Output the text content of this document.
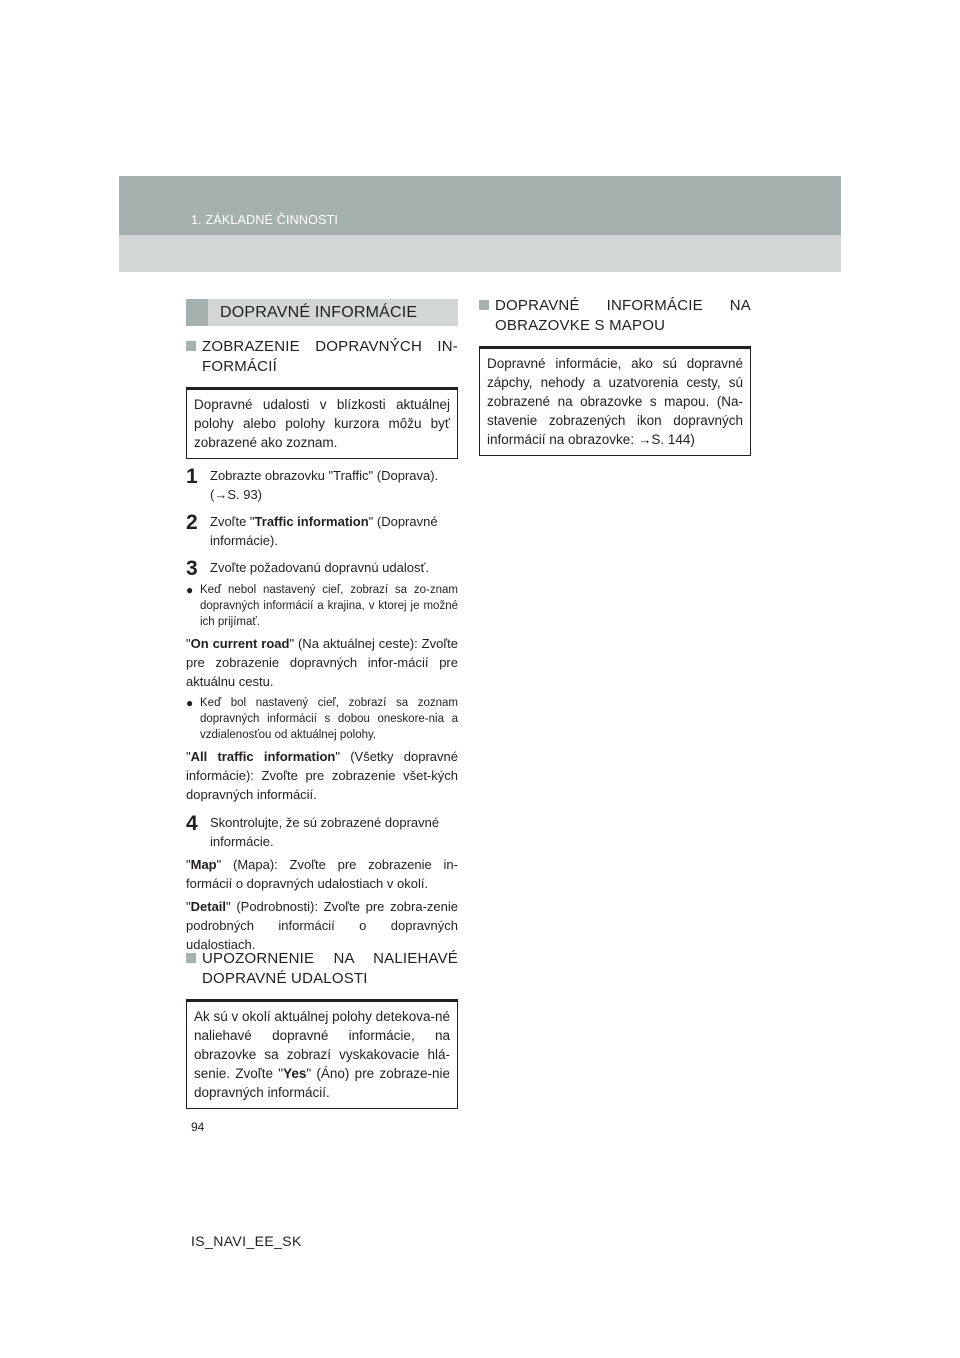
1. ZÁKLADNÉ ČINNOSTI
DOPRAVNÉ INFORMÁCIE
ZOBRAZENIE DOPRAVNÝCH IN-FORMÁCIÍ
Dopravné udalosti v blízkosti aktuálnej polohy alebo polohy kurzora môžu byť zobrazené ako zoznam.
1 Zobrazte obrazovku "Traffic" (Doprava). (→S. 93)
2 Zvoľte "Traffic information" (Dopravné informácie).
3 Zvoľte požadovanú dopravnú udalosť.
● Keď nebol nastavený cieľ, zobrazí sa zo-znam dopravných informácií a krajina, v ktorej je možné ich prijímať.
"On current road" (Na aktuálnej ceste): Zvoľte pre zobrazenie dopravných infor-mácií pre aktuálnu cestu.
● Keď bol nastavený cieľ, zobrazí sa zoznam dopravných informácií s dobou oneskore-nia a vzdialenosťou od aktuálnej polohy.
"All traffic information" (Všetky dopravné informácie): Zvoľte pre zobrazenie všet-kých dopravných informácií.
4 Skontrolujte, že sú zobrazené dopravné informácie.
"Map" (Mapa): Zvoľte pre zobrazenie in-formácií o dopravných udalostiach v okolí.
"Detail" (Podrobnosti): Zvoľte pre zobra-zenie podrobných informácií o dopravných udalostiach.
UPOZORNENIE NA NALIEHAVÉ DOPRAVNÉ UDALOSTI
Ak sú v okolí aktuálnej polohy detekova-né naliehavé dopravné informácie, na obrazovke sa zobrazí vyskakovacie hlá-senie. Zvoľte "Yes" (Áno) pre zobraze-nie dopravných informácií.
DOPRAVNÉ INFORMÁCIE NA OBRAZOVKE S MAPOU
Dopravné informácie, ako sú dopravné zápchy, nehody a uzatvorenia cesty, sú zobrazené na obrazovke s mapou. (Na-stavenie zobrazených ikon dopravných informácií na obrazovke: →S. 144)
94
IS_NAVI_EE_SK
